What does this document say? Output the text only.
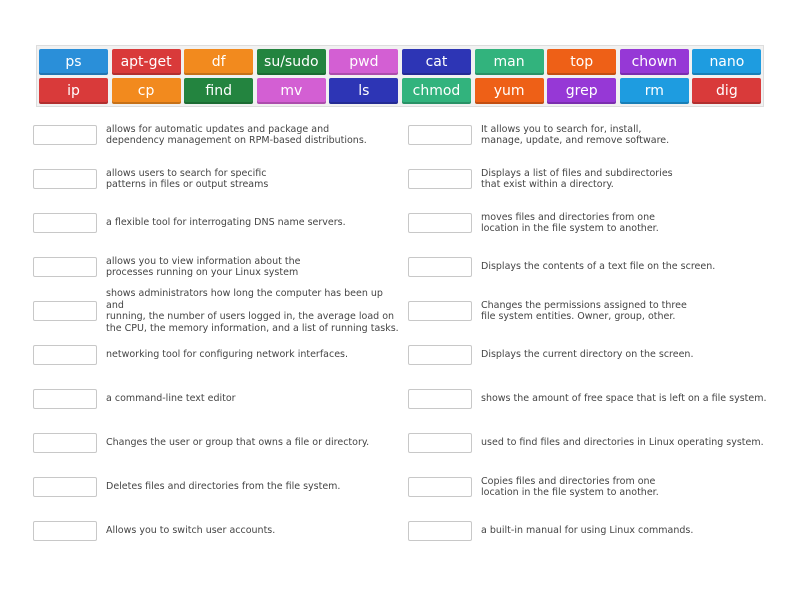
ps	apt-get	df	su/sudo	pwd	cat	man	top	chown	nano
ip	cp	find	mv	ls	chmod	yum	grep	rm	dig
allows for automatic updates and package and
dependency management on RPM-based distributions.
allows users to search for specific
patterns in files or output streams
a flexible tool for interrogating DNS name servers.
allows you to view information about the
processes running on your Linux system
shows administrators how long the computer has been up and
running, the number of users logged in, the average load on
the CPU, the memory information, and a list of running tasks.
networking tool for configuring network interfaces.
a command-line text editor
Changes the user or group that owns a file or directory.
Deletes files and directories from the file system.
Allows you to switch user accounts.
It allows you to search for, install,
manage, update, and remove software.
Displays a list of files and subdirectories
that exist within a directory.
moves files and directories from one
location in the file system to another.
Displays the contents of a text file on the screen.
Changes the permissions assigned to three
file system entities. Owner, group, other.
Displays the current directory on the screen.
shows the amount of free space that is left on a file system.
used to find files and directories in Linux operating system.
Copies files and directories from one
location in the file system to another.
a built-in manual for using Linux commands.
